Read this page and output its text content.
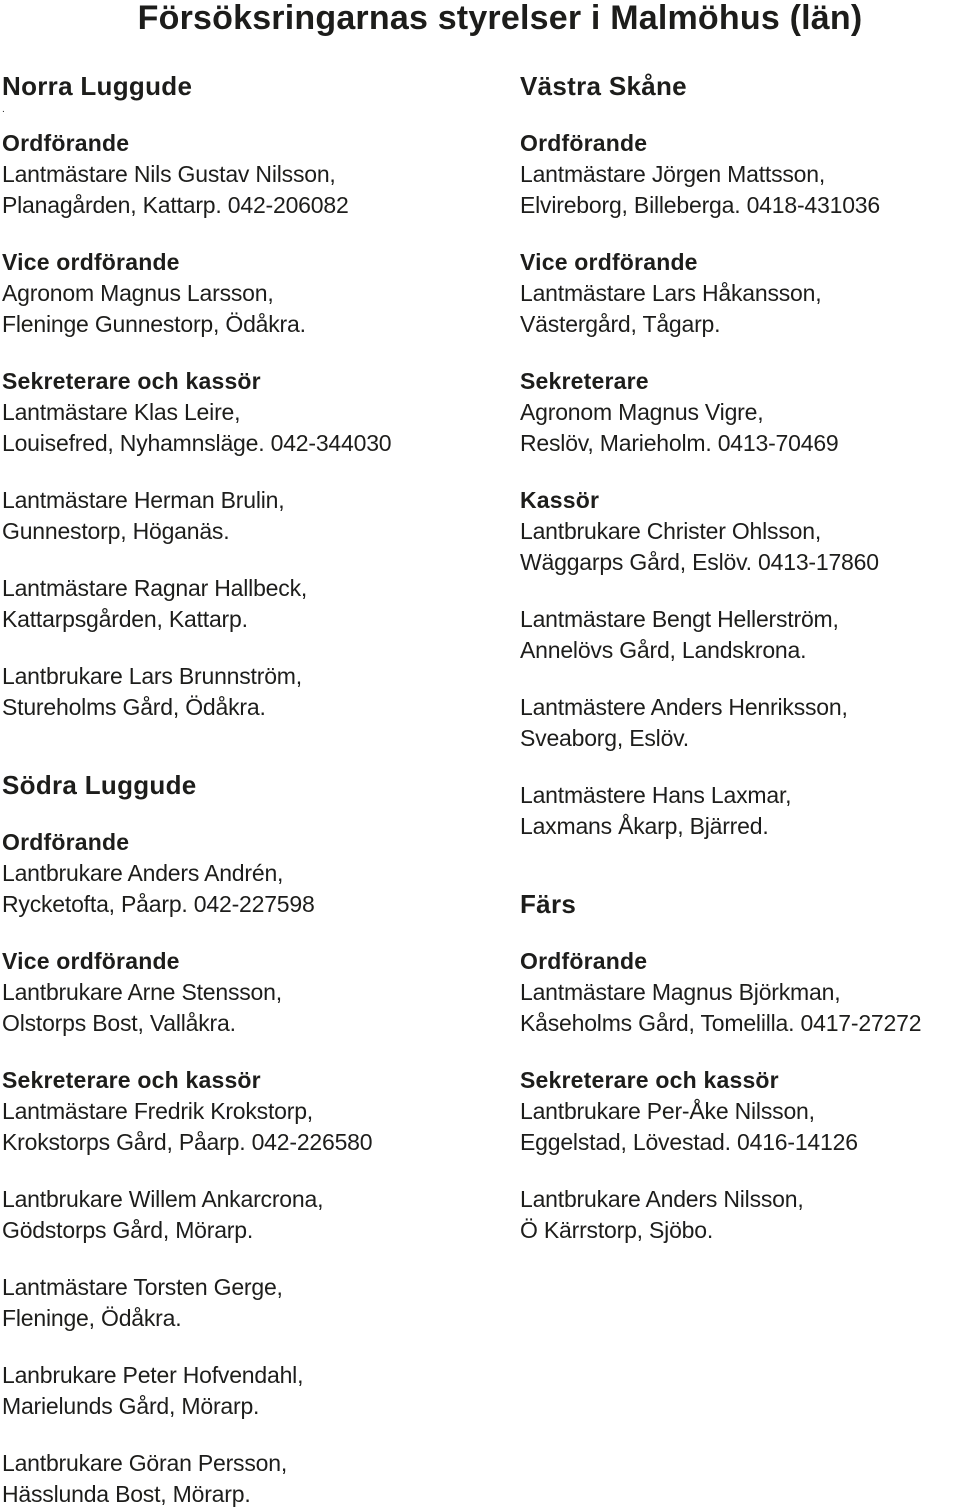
Försöksringarnas styrelser i Malmöhus (län)
Norra Luggude
.
Ordförande
Lantmästare Nils Gustav Nilsson,
Planagården, Kattarp. 042-206082
Vice ordförande
Agronom Magnus Larsson,
Fleninge Gunnestorp, Ödåkra.
Sekreterare och kassör
Lantmästare Klas Leire,
Louisefred, Nyhamnsläge. 042-344030
Lantmästare Herman Brulin,
Gunnestorp, Höganäs.
Lantmästare Ragnar Hallbeck,
Kattarpsgården, Kattarp.
Lantbrukare Lars Brunnström,
Stureholms Gård, Ödåkra.
Södra Luggude
Ordförande
Lantbrukare Anders Andrén,
Rycketofta, Påarp. 042-227598
Vice ordförande
Lantbrukare Arne Stensson,
Olstorps Bost, Vallåkra.
Sekreterare och kassör
Lantmästare Fredrik Krokstorp,
Krokstorps Gård, Påarp. 042-226580
Lantbrukare Willem Ankarcrona,
Gödstorps Gård, Mörarp.
Lantmästare Torsten Gerge,
Fleninge, Ödåkra.
Lanbrukare Peter Hofvendahl,
Marielunds Gård, Mörarp.
Lantbrukare Göran Persson,
Hässlunda Bost, Mörarp.
Västra Skåne
Ordförande
Lantmästare Jörgen Mattsson,
Elvireborg, Billeberga. 0418-431036
Vice ordförande
Lantmästare Lars Håkansson,
Västergård, Tågarp.
Sekreterare
Agronom Magnus Vigre,
Reslöv, Marieholm. 0413-70469
Kassör
Lantbrukare Christer Ohlsson,
Wäggarps Gård, Eslöv. 0413-17860
Lantmästare Bengt Hellerström,
Annelövs Gård, Landskrona.
Lantmästere Anders Henriksson,
Sveaborg, Eslöv.
Lantmästere Hans Laxmar,
Laxmans Åkarp, Bjärred.
Färs
Ordförande
Lantmästare Magnus Björkman,
Kåseholms Gård, Tomelilla. 0417-27272
Sekreterare och kassör
Lantbrukare Per-Åke Nilsson,
Eggelstad, Lövestad. 0416-14126
Lantbrukare Anders Nilsson,
Ö Kärrstorp, Sjöbo.
